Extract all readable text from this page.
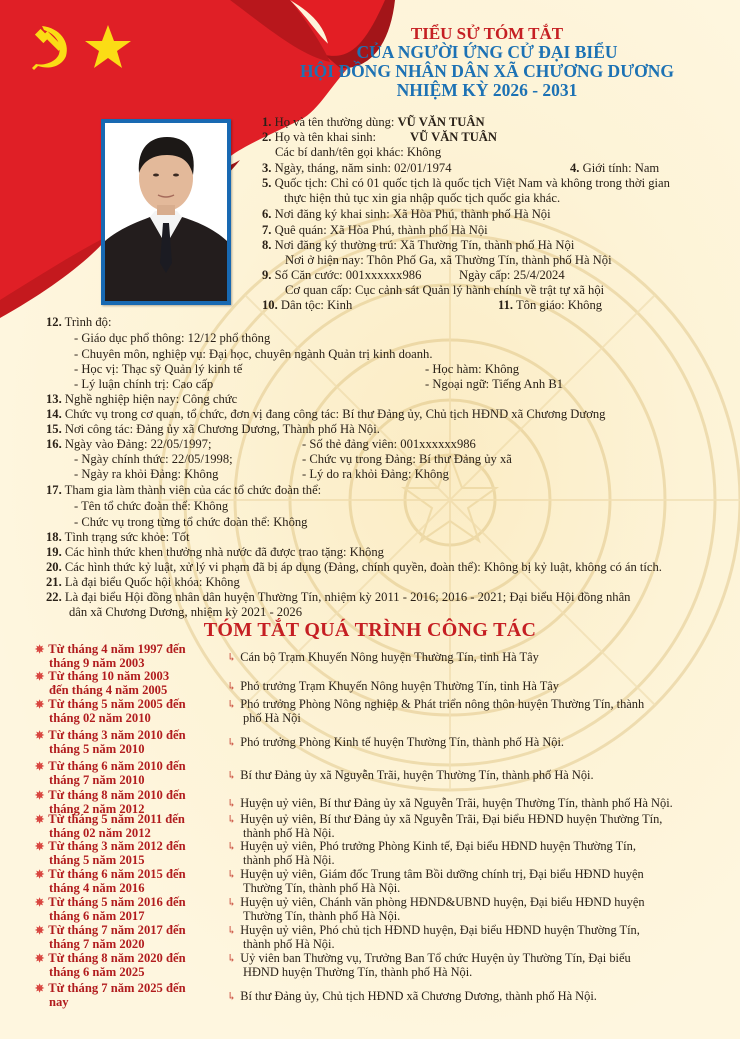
TIỂU SỬ TÓM TẮT
CỦA NGƯỜI ỨNG CỬ ĐẠI BIỂU
HỘI ĐỒNG NHÂN DÂN XÃ CHƯƠNG DƯƠNG
NHIỆM KỲ 2026 - 2031
1. Họ và tên thường dùng: VŨ VĂN TUÂN
2. Họ và tên khai sinh:	VŨ VĂN TUÂN
Các bí danh/tên gọi khác: Không
3. Ngày, tháng, năm sinh: 02/01/1974	4. Giới tính: Nam
5. Quốc tịch: Chỉ có 01 quốc tịch là quốc tịch Việt Nam và không trong thời gian
thực hiện thủ tục xin gia nhập quốc tịch quốc gia khác.
6. Nơi đăng ký khai sinh: Xã Hòa Phú, thành phố Hà Nội
7. Quê quán: Xã Hòa Phú, thành phố Hà Nội
8. Nơi đăng ký thường trú: Xã Thường Tín, thành phố Hà Nội
Nơi ở hiện nay: Thôn Phố Ga, xã Thường Tín, thành phố Hà Nội
9. Số Căn cước: 001xxxxxx986	Ngày cấp: 25/4/2024
Cơ quan cấp: Cục cảnh sát Quản lý hành chính về trật tự xã hội
10. Dân tộc: Kinh	11. Tôn giáo: Không
12. Trình độ:
- Giáo dục phổ thông: 12/12 phổ thông
- Chuyên môn, nghiệp vụ: Đại học, chuyên ngành Quản trị kinh doanh.
- Học vị: Thạc sỹ Quản lý kinh tế	- Học hàm: Không
- Lý luận chính trị: Cao cấp	- Ngoại ngữ: Tiếng Anh B1
13. Nghề nghiệp hiện nay: Công chức
14. Chức vụ trong cơ quan, tổ chức, đơn vị đang công tác: Bí thư Đảng ủy, Chủ tịch HĐND xã Chương Dương
15. Nơi công tác: Đảng ủy xã Chương Dương, Thành phố Hà Nội.
16. Ngày vào Đảng: 22/05/1997;	- Số thẻ đảng viên: 001xxxxxx986
- Ngày chính thức: 22/05/1998;	- Chức vụ trong Đảng: Bí thư Đảng ủy xã
- Ngày ra khỏi Đảng: Không	- Lý do ra khỏi Đảng: Không
17. Tham gia làm thành viên của các tổ chức đoàn thể:
- Tên tổ chức đoàn thể: Không
- Chức vụ trong từng tổ chức đoàn thể: Không
18. Tình trạng sức khỏe: Tốt
19. Các hình thức khen thưởng nhà nước đã được trao tặng: Không
20. Các hình thức kỷ luật, xử lý vi phạm đã bị áp dụng (Đảng, chính quyền, đoàn thể): Không bị kỷ luật, không có án tích.
21. Là đại biểu Quốc hội khóa: Không
22. Là đại biểu Hội đồng nhân dân huyện Thường Tín, nhiệm kỳ 2011 - 2016; 2016 - 2021; Đại biểu Hội đồng nhân
dân xã Chương Dương, nhiệm kỳ 2021 - 2026
TÓM TẮT QUÁ TRÌNH CÔNG TÁC
✵ Từ tháng 4 năm 1997 đến
tháng 9 năm 2003	↳ Cán bộ Trạm Khuyến Nông huyện Thường Tín, tỉnh Hà Tây
✵ Từ tháng 10 năm 2003
đến tháng 4 năm 2005	↳ Phó trưởng Trạm Khuyến Nông huyện Thường Tín, tỉnh Hà Tây
✵ Từ tháng 5 năm 2005 đến
tháng 02 năm 2010
↳ Phó trưởng Phòng Nông nghiệp & Phát triển nông thôn huyện Thường Tín, thành
phố Hà Nội
✵ Từ tháng 3 năm 2010 đến
tháng 5 năm 2010	↳ Phó trưởng Phòng Kinh tế huyện Thường Tín, thành phố Hà Nội.
✵ Từ tháng 6 năm 2010 đến
tháng 7 năm 2010	↳ Bí thư Đảng ủy xã Nguyễn Trãi, huyện Thường Tín, thành phố Hà Nội.
✵ Từ tháng 8 năm 2010 đến
tháng 2 năm 2012	↳ Huyện uỷ viên, Bí thư Đảng ủy xã Nguyễn Trãi, huyện Thường Tín, thành phố Hà Nội.
✵ Từ tháng 5 năm 2011 đến
tháng 02 năm 2012
↳ Huyện uỷ viên, Bí thư Đảng ủy xã Nguyễn Trãi, Đại biểu HĐND huyện Thường Tín,
thành phố Hà Nội.
✵ Từ tháng 3 năm 2012 đến
tháng 5 năm 2015
↳ Huyện uỷ viên, Phó trưởng Phòng Kinh tế, Đại biểu HĐND huyện Thường Tín,
thành phố Hà Nội.
✵ Từ tháng 6 năm 2015 đến
tháng 4 năm 2016
↳ Huyện uỷ viên, Giám đốc Trung tâm Bồi dưỡng chính trị, Đại biểu HĐND huyện
Thường Tín, thành phố Hà Nội.
✵ Từ tháng 5 năm 2016 đến
tháng 6 năm 2017
↳ Huyện uỷ viên, Chánh văn phòng HĐND&UBND huyện, Đại biểu HĐND huyện
Thường Tín, thành phố Hà Nội.
✵ Từ tháng 7 năm 2017 đến
tháng 7 năm 2020
↳ Huyện uỷ viên, Phó chủ tịch HĐND huyện, Đại biểu HĐND huyện Thường Tín,
thành phố Hà Nội.
✵ Từ tháng 8 năm 2020 đến
tháng 6 năm 2025
↳ Uỷ viên ban Thường vụ, Trưởng Ban Tổ chức Huyện ủy Thường Tín, Đại biểu
HĐND huyện Thường Tín, thành phố Hà Nội.
✵ Từ tháng 7 năm 2025 đến
nay	↳ Bí thư Đảng ủy, Chủ tịch HĐND xã Chương Dương, thành phố Hà Nội.
